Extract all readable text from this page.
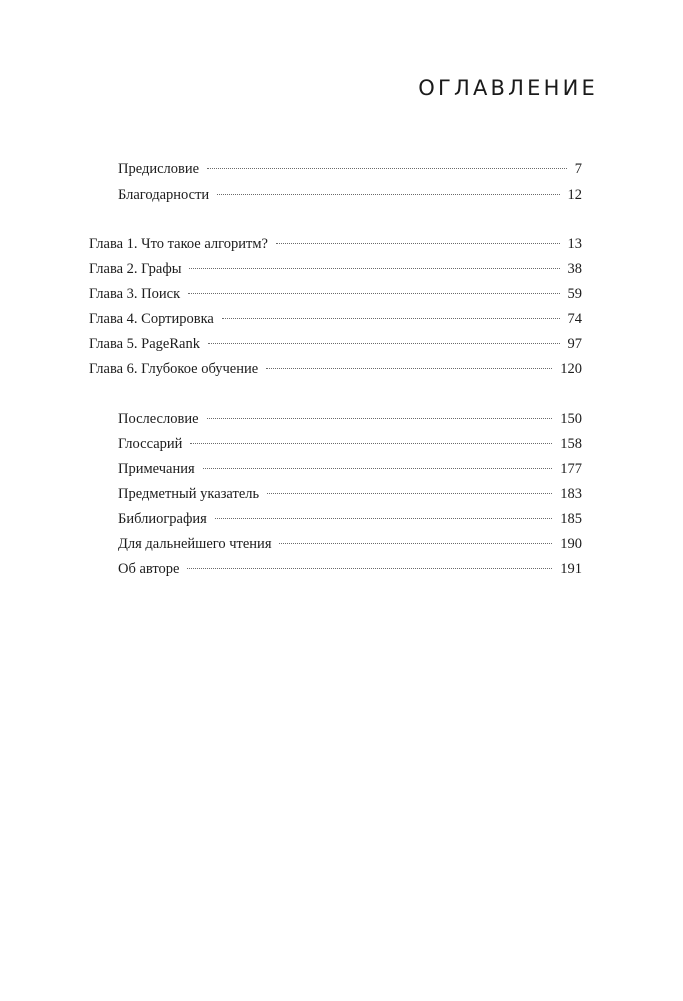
ОГЛАВЛЕНИЕ
Предисловие	7
Благодарности	12
Глава 1. Что такое алгоритм?	13
Глава 2. Графы	38
Глава 3. Поиск	59
Глава 4. Сортировка	74
Глава 5. PageRank	97
Глава 6. Глубокое обучение	120
Послесловие	150
Глоссарий	158
Примечания	177
Предметный указатель	183
Библиография	185
Для дальнейшего чтения	190
Об авторе	191
